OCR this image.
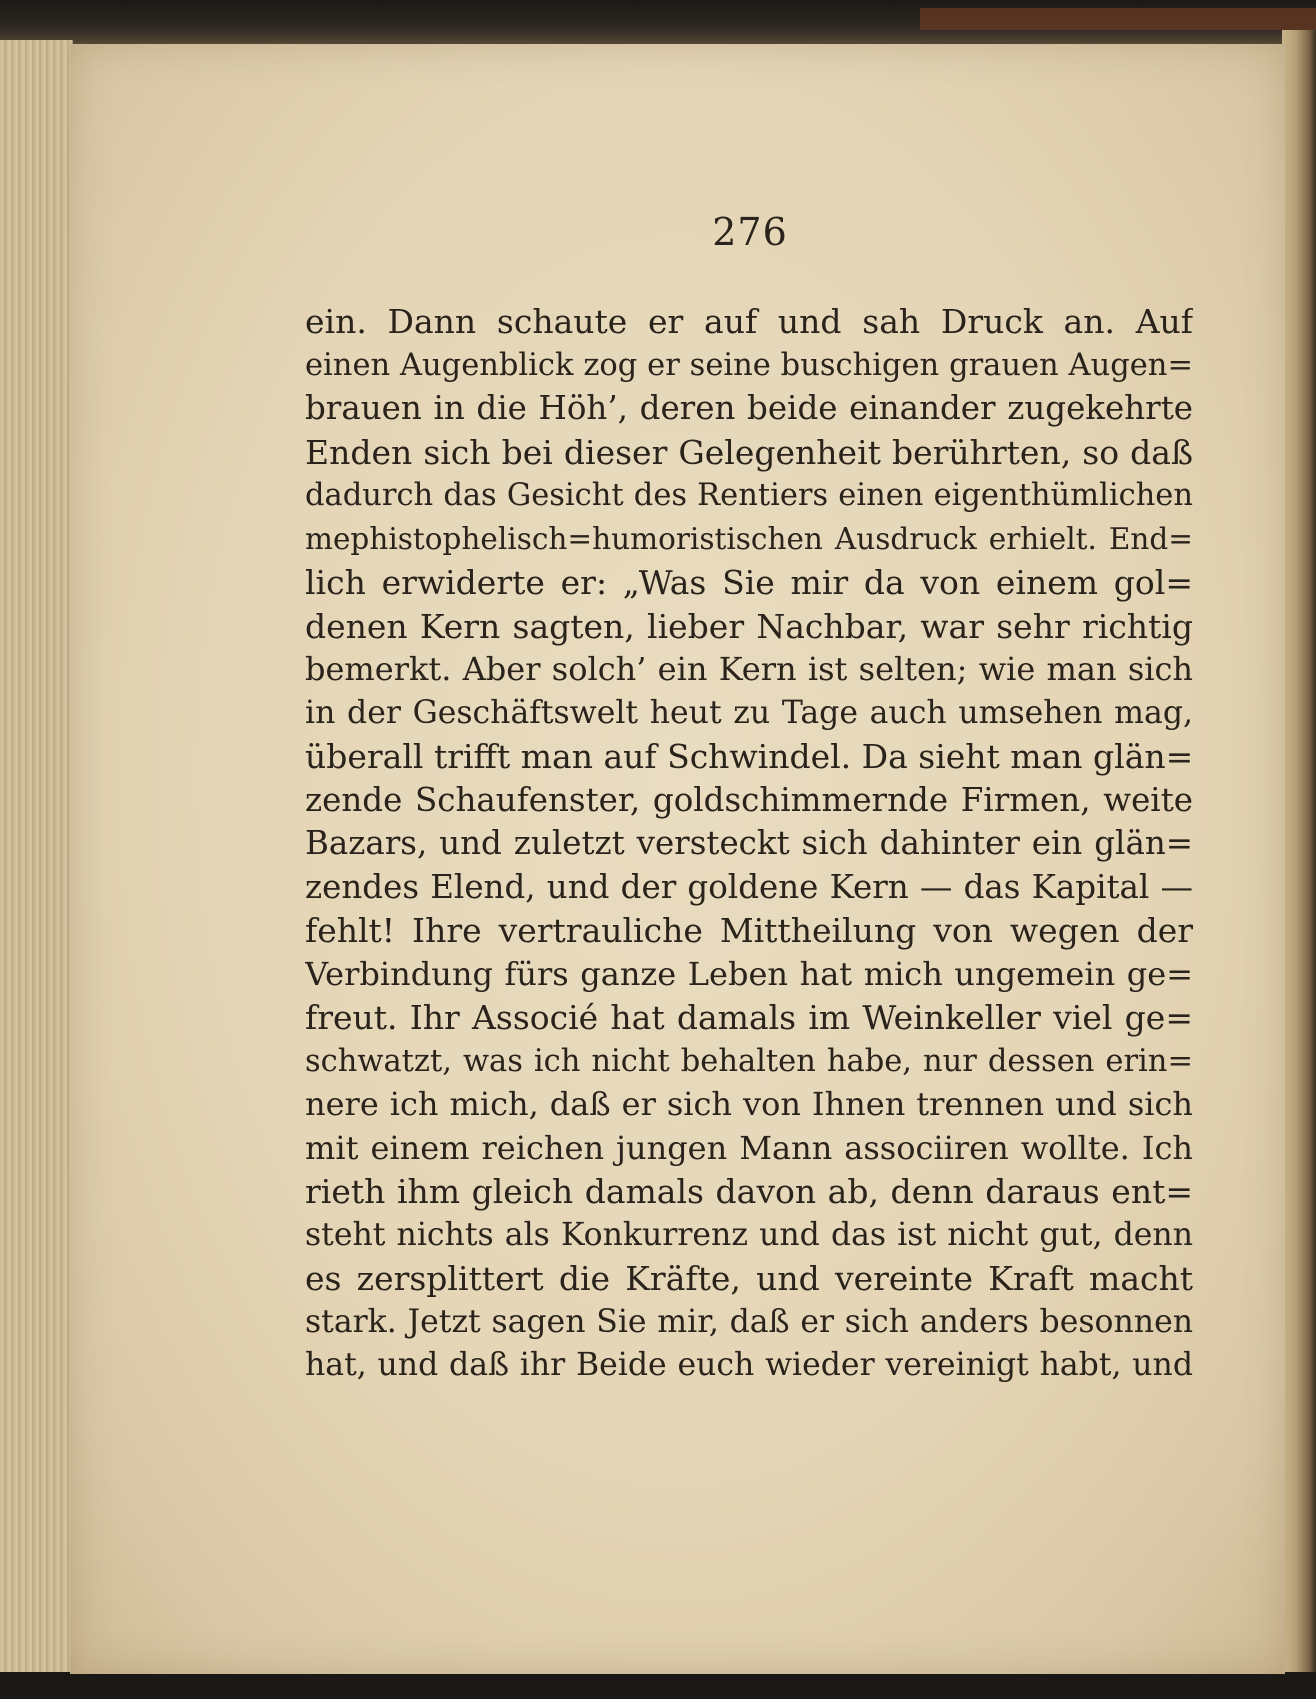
276
ein. Dann schaute er auf und sah Druck an. Auf
einen Augenblick zog er seine buschigen grauen Augen=
brauen in die Höh’, deren beide einander zugekehrte
Enden sich bei dieser Gelegenheit berührten, so daß
dadurch das Gesicht des Rentiers einen eigenthümlichen
mephistophelisch=humoristischen Ausdruck erhielt. End=
lich erwiderte er: „Was Sie mir da von einem gol=
denen Kern sagten, lieber Nachbar, war sehr richtig
bemerkt. Aber solch’ ein Kern ist selten; wie man sich
in der Geschäftswelt heut zu Tage auch umsehen mag,
überall trifft man auf Schwindel. Da sieht man glän=
zende Schaufenster, goldschimmernde Firmen, weite
Bazars, und zuletzt versteckt sich dahinter ein glän=
zendes Elend, und der goldene Kern — das Kapital —
fehlt! Ihre vertrauliche Mittheilung von wegen der
Verbindung fürs ganze Leben hat mich ungemein ge=
freut. Ihr Associé hat damals im Weinkeller viel ge=
schwatzt, was ich nicht behalten habe, nur dessen erin=
nere ich mich, daß er sich von Ihnen trennen und sich
mit einem reichen jungen Mann associiren wollte. Ich
rieth ihm gleich damals davon ab, denn daraus ent=
steht nichts als Konkurrenz und das ist nicht gut, denn
es zersplittert die Kräfte, und vereinte Kraft macht
stark. Jetzt sagen Sie mir, daß er sich anders besonnen
hat, und daß ihr Beide euch wieder vereinigt habt, und
